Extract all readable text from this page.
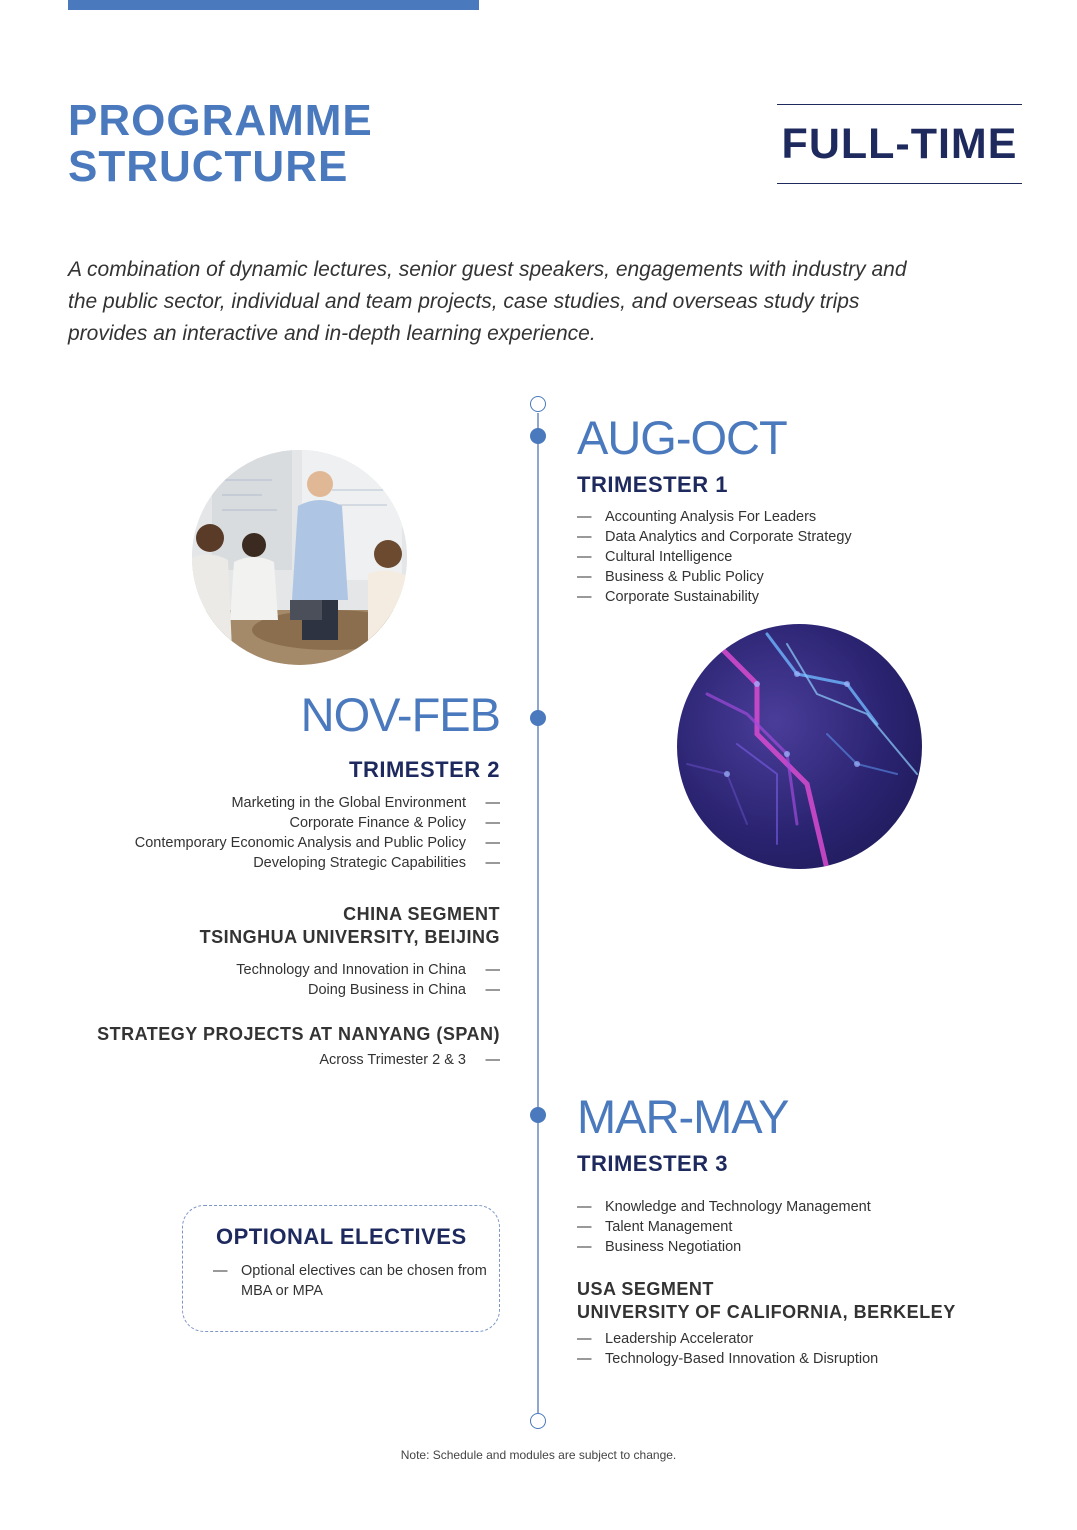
PROGRAMME
STRUCTURE	FULL-TIME

A combination of dynamic lectures, senior guest speakers, engagements with industry and the public sector, individual and team projects, case studies, and overseas study trips provides an interactive and in-depth learning experience.

AUG-OCT
TRIMESTER 1
— Accounting Analysis For Leaders
— Data Analytics and Corporate Strategy
— Cultural Intelligence
— Business & Public Policy
— Corporate Sustainability
NOV-FEB
TRIMESTER 2
Marketing in the Global Environment —
Corporate Finance & Policy —
Contemporary Economic Analysis and Public Policy —
Developing Strategic Capabilities —
CHINA SEGMENT
TSINGHUA UNIVERSITY, BEIJING
Technology and Innovation in China —
Doing Business in China —
STRATEGY PROJECTS AT NANYANG (SPAN)
Across Trimester 2 & 3 —
MAR-MAY
TRIMESTER 3
— Knowledge and Technology Management
— Talent Management
— Business Negotiation
USA SEGMENT
UNIVERSITY OF CALIFORNIA, BERKELEY
— Leadership Accelerator
— Technology-Based Innovation & Disruption
OPTIONAL ELECTIVES

— Optional electives can be chosen from MBA or MPA

Note: Schedule and modules are subject to change.
